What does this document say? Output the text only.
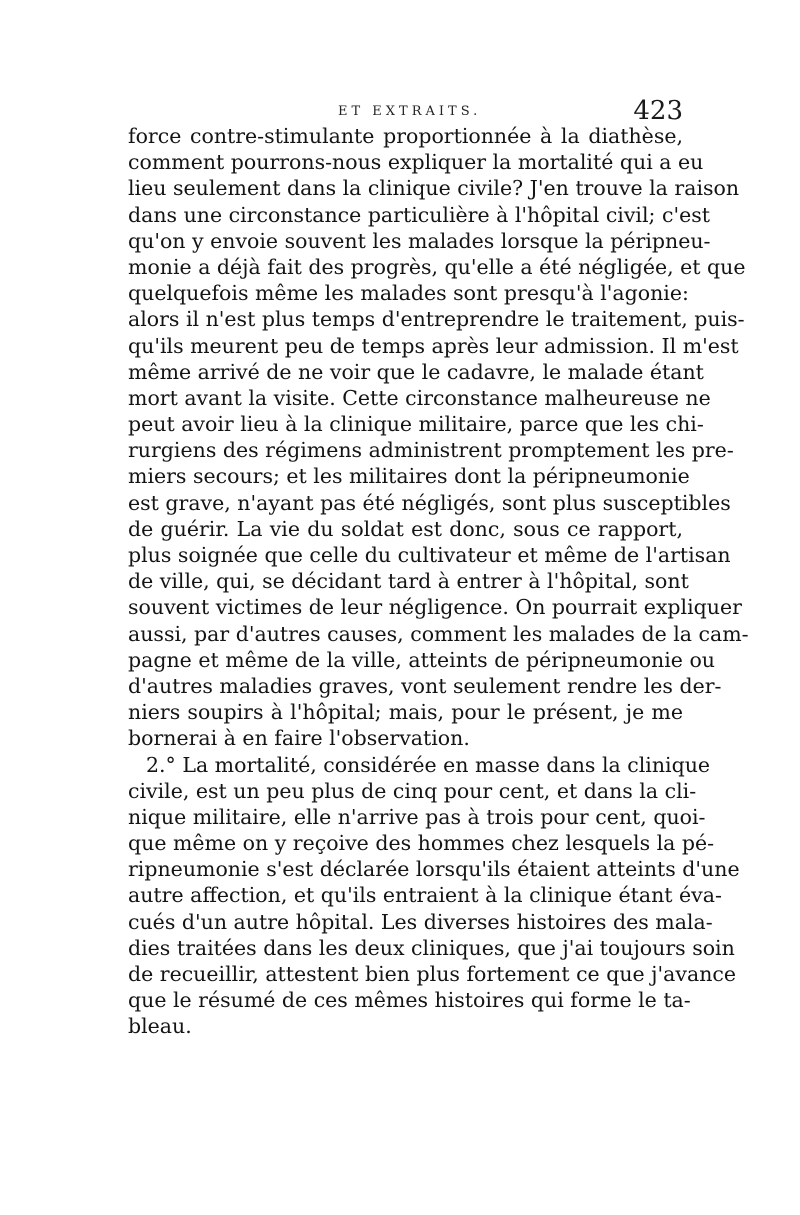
ET EXTRAITS.	423
force contre-stimulante proportionnée à la diathèse,
comment pourrons-nous expliquer la mortalité qui a eu
lieu seulement dans la clinique civile? J'en trouve la raison
dans une circonstance particulière à l'hôpital civil; c'est
qu'on y envoie souvent les malades lorsque la péripneu-
monie a déjà fait des progrès, qu'elle a été négligée, et que
quelquefois même les malades sont presqu'à l'agonie:
alors il n'est plus temps d'entreprendre le traitement, puis-
qu'ils meurent peu de temps après leur admission. Il m'est
même arrivé de ne voir que le cadavre, le malade étant
mort avant la visite. Cette circonstance malheureuse ne
peut avoir lieu à la clinique militaire, parce que les chi-
rurgiens des régimens administrent promptement les pre-
miers secours; et les militaires dont la péripneumonie
est grave, n'ayant pas été négligés, sont plus susceptibles
de guérir. La vie du soldat est donc, sous ce rapport,
plus soignée que celle du cultivateur et même de l'artisan
de ville, qui, se décidant tard à entrer à l'hôpital, sont
souvent victimes de leur négligence. On pourrait expliquer
aussi, par d'autres causes, comment les malades de la cam-
pagne et même de la ville, atteints de péripneumonie ou
d'autres maladies graves, vont seulement rendre les der-
niers soupirs à l'hôpital; mais, pour le présent, je me
bornerai à en faire l'observation.
2.° La mortalité, considérée en masse dans la clinique
civile, est un peu plus de cinq pour cent, et dans la cli-
nique militaire, elle n'arrive pas à trois pour cent, quoi-
que même on y reçoive des hommes chez lesquels la pé-
ripneumonie s'est déclarée lorsqu'ils étaient atteints d'une
autre affection, et qu'ils entraient à la clinique étant éva-
cués d'un autre hôpital. Les diverses histoires des mala-
dies traitées dans les deux cliniques, que j'ai toujours soin
de recueillir, attestent bien plus fortement ce que j'avance
que le résumé de ces mêmes histoires qui forme le ta-
bleau.
